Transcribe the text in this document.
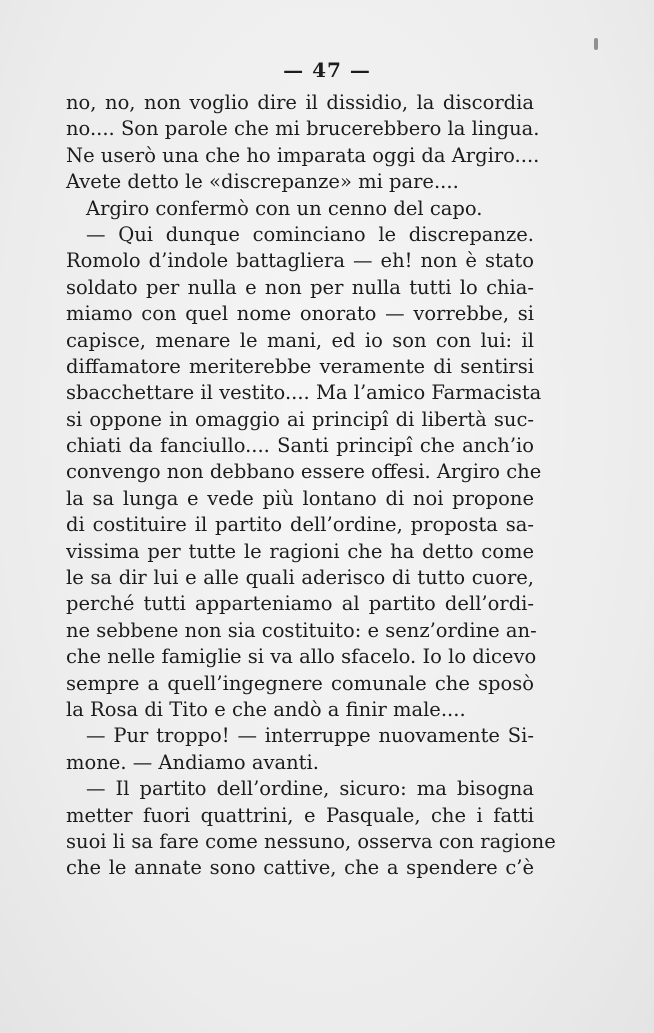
— 47 —
no, no, non voglio dire il dissidio, la discordia
no.... Son parole che mi brucerebbero la lingua.
Ne userò una che ho imparata oggi da Argiro....
Avete detto le «discrepanze» mi pare....
Argiro confermò con un cenno del capo.
— Qui dunque cominciano le discrepanze.
Romolo d’indole battagliera — eh! non è stato
soldato per nulla e non per nulla tutti lo chia-
miamo con quel nome onorato — vorrebbe, si
capisce, menare le mani, ed io son con lui: il
diffamatore meriterebbe veramente di sentirsi
sbacchettare il vestito.... Ma l’amico Farmacista
si oppone in omaggio ai principî di libertà suc-
chiati da fanciullo.... Santi principî che anch’io
convengo non debbano essere offesi. Argiro che
la sa lunga e vede più lontano di noi propone
di costituire il partito dell’ordine, proposta sa-
vissima per tutte le ragioni che ha detto come
le sa dir lui e alle quali aderisco di tutto cuore,
perché tutti apparteniamo al partito dell’ordi-
ne sebbene non sia costituito: e senz’ordine an-
che nelle famiglie si va allo sfacelo. Io lo dicevo
sempre a quell’ingegnere comunale che sposò
la Rosa di Tito e che andò a finir male....
— Pur troppo! — interruppe nuovamente Si-
mone. — Andiamo avanti.
— Il partito dell’ordine, sicuro: ma bisogna
metter fuori quattrini, e Pasquale, che i fatti
suoi li sa fare come nessuno, osserva con ragione
che le annate sono cattive, che a spendere c’è
